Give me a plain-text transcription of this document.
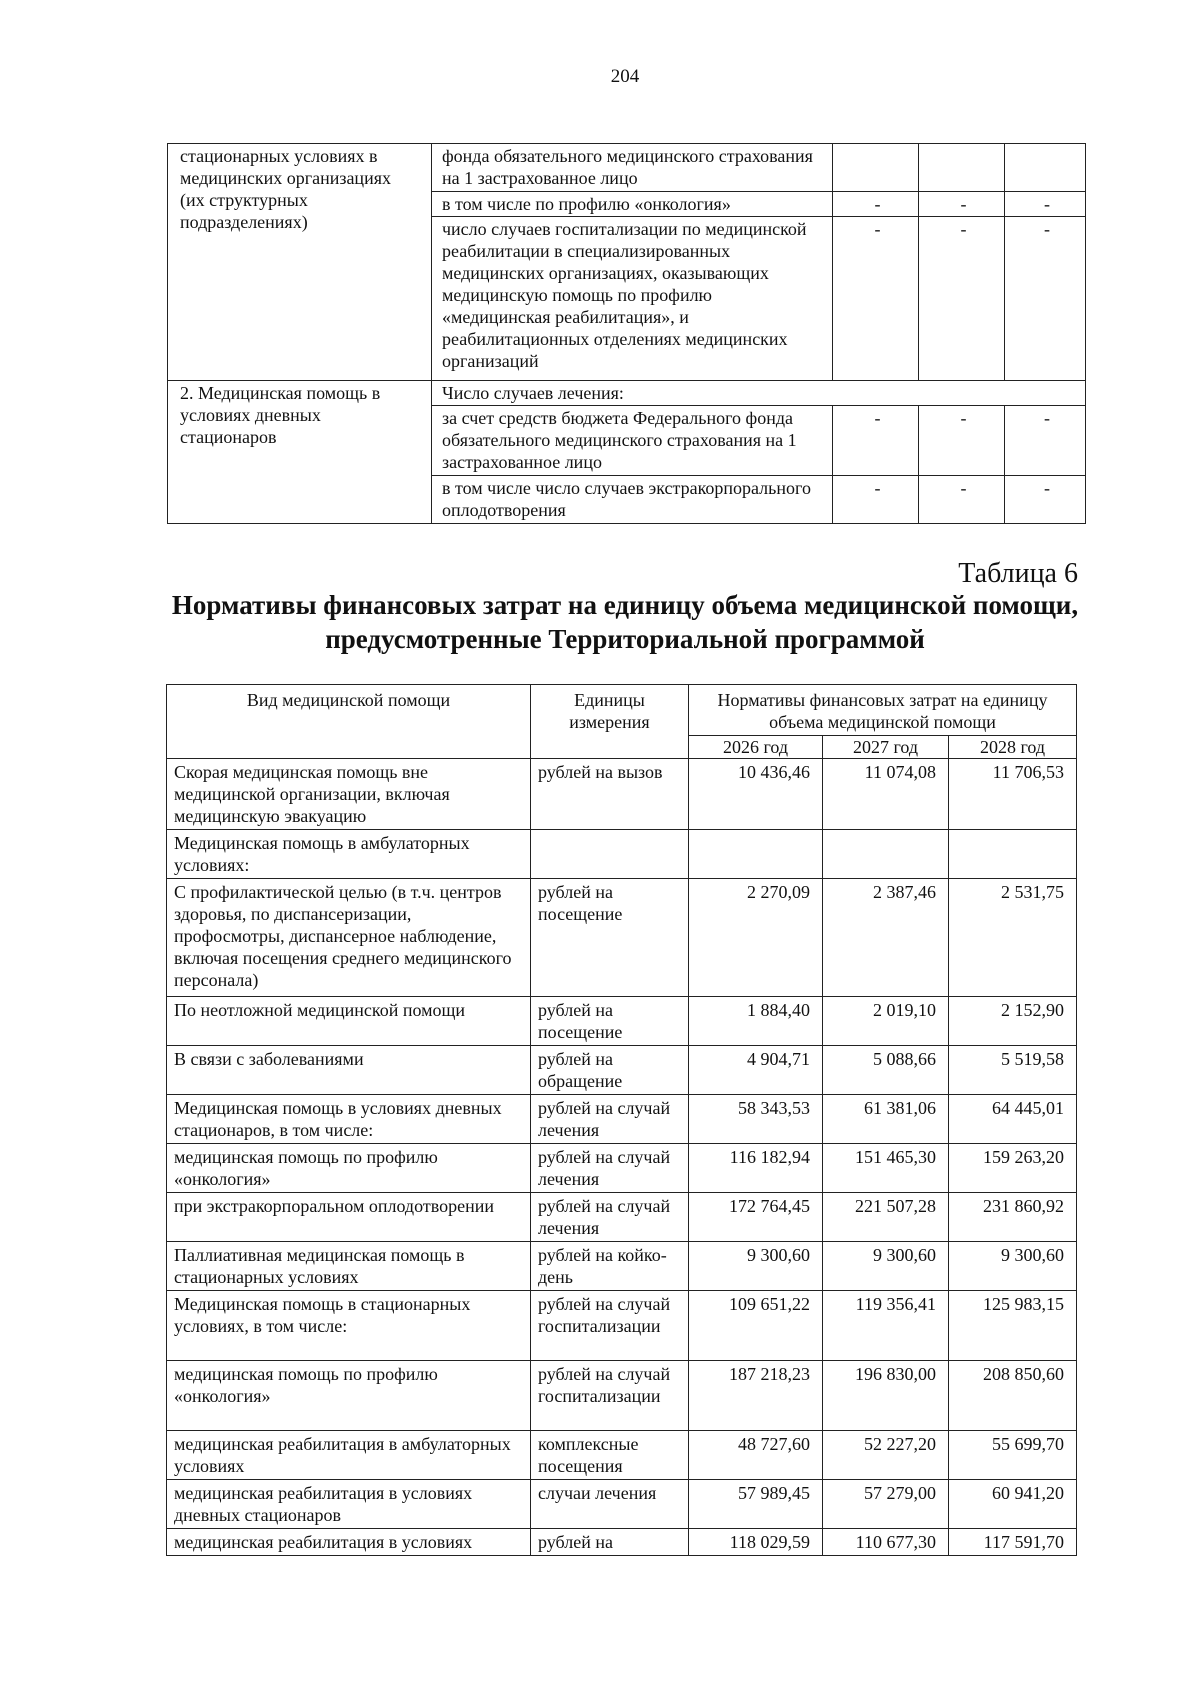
204
стационарных условиях в медицинских организациях (их структурных подразделениях)	фонда обязательного медицинского страхования на 1 застрахованное лицо			
	в том числе по профилю «онкология»	-	-	-
	число случаев госпитализации по медицинской реабилитации в специализированных медицинских организациях, оказывающих медицинскую помощь по профилю «медицинская реабилитация», и реабилитационных отделениях медицинских организаций	-	-	-
2. Медицинская помощь в условиях дневных стационаров	Число случаев лечения:			
	за счет средств бюджета Федерального фонда обязательного медицинского страхования на 1 застрахованное лицо	-	-	-
	в том числе число случаев экстракорпорального оплодотворения	-	-	-
Таблица 6
Нормативы финансовых затрат на единицу объема медицинской помощи, предусмотренные Территориальной программой
Вид медицинской помощи	Единицы измерения	Нормативы финансовых затрат на единицу объема медицинской помощи		
		2026 год	2027 год	2028 год
Скорая медицинская помощь вне медицинской организации, включая медицинскую эвакуацию	рублей на вызов	10 436,46	11 074,08	11 706,53
Медицинская помощь в амбулаторных условиях:				
С профилактической целью (в т.ч. центров здоровья, по диспансеризации, профосмотры, диспансерное наблюдение, включая посещения среднего медицинского персонала)	рублей на посещение	2 270,09	2 387,46	2 531,75
По неотложной медицинской помощи	рублей на посещение	1 884,40	2 019,10	2 152,90
В связи с заболеваниями	рублей на обращение	4 904,71	5 088,66	5 519,58
Медицинская помощь в условиях дневных стационаров, в том числе:	рублей на случай лечения	58 343,53	61 381,06	64 445,01
медицинская помощь по профилю «онкология»	рублей на случай лечения	116 182,94	151 465,30	159 263,20
при экстракорпоральном оплодотворении	рублей на случай лечения	172 764,45	221 507,28	231 860,92
Паллиативная медицинская помощь в стационарных условиях	рублей на койко-день	9 300,60	9 300,60	9 300,60
Медицинская помощь в стационарных условиях, в том числе:	рублей на случай госпитализации	109 651,22	119 356,41	125 983,15
медицинская помощь по профилю «онкология»	рублей на случай госпитализации	187 218,23	196 830,00	208 850,60
медицинская реабилитация в амбулаторных условиях	комплексные посещения	48 727,60	52 227,20	55 699,70
медицинская реабилитация в условиях дневных стационаров	случаи лечения	57 989,45	57 279,00	60 941,20
медицинская реабилитация в условиях	рублей на	118 029,59	110 677,30	117 591,70
